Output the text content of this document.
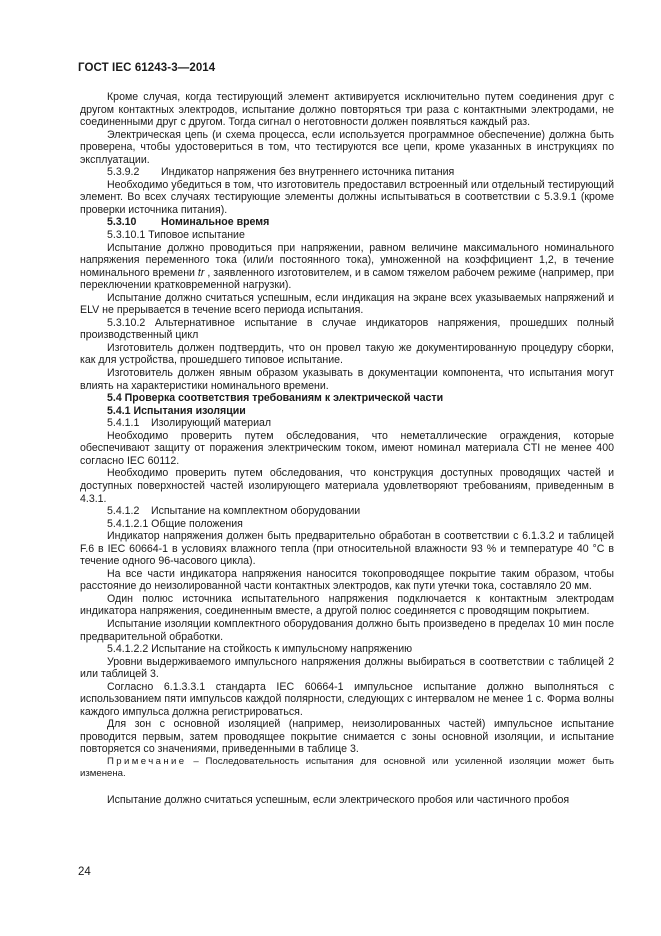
ГОСТ IEC 61243-3—2014

Кроме случая, когда тестирующий элемент активируется исключительно путем соединения друг с другом контактных электродов, испытание должно повторяться три раза с контактными электродами, не соединенными друг с другом. Тогда сигнал о неготовности должен появляться каждый раз.

Электрическая цепь (и схема процесса, если используется программное обеспечение) должна быть проверена, чтобы удостовериться в том, что тестируются все цепи, кроме указанных в инструкциях по эксплуатации.

5.3.9.2 Индикатор напряжения без внутреннего источника питания

Необходимо убедиться в том, что изготовитель предоставил встроенный или отдельный тестирующий элемент. Во всех случаях тестирующие элементы должны испытываться в соответствии с 5.3.9.1 (кроме проверки источника питания).

5.3.10 Номинальное время

5.3.10.1 Типовое испытание

Испытание должно проводиться при напряжении, равном величине максимального номинального напряжения переменного тока (или/и постоянного тока), умноженной на коэффициент 1,2, в течение номинального времени tr , заявленного изготовителем, и в самом тяжелом рабочем режиме (например, при переключении кратковременной нагрузки).

Испытание должно считаться успешным, если индикация на экране всех указываемых напряжений и ELV не прерывается в течение всего периода испытания.

5.3.10.2 Альтернативное испытание в случае индикаторов напряжения, прошедших полный производственный цикл

Изготовитель должен подтвердить, что он провел такую же документированную процедуру сборки, как для устройства, прошедшего типовое испытание.

Изготовитель должен явным образом указывать в документации компонента, что испытания могут влиять на характеристики номинального времени.

5.4 Проверка соответствия требованиям к электрической части

5.4.1 Испытания изоляции

5.4.1.1 Изолирующий материал

Необходимо проверить путем обследования, что неметаллические ограждения, которые обеспечивают защиту от поражения электрическим током, имеют номинал материала CTI не менее 400 согласно IEC 60112.

Необходимо проверить путем обследования, что конструкция доступных проводящих частей и доступных поверхностей частей изолирующего материала удовлетворяют требованиям, приведенным в 4.3.1.

5.4.1.2 Испытание на комплектном оборудовании

5.4.1.2.1 Общие положения

Индикатор напряжения должен быть предварительно обработан в соответствии с 6.1.3.2 и таблицей F.6 в IEC 60664-1 в условиях влажного тепла (при относительной влажности 93 % и температуре 40 °C в течение одного 96-часового цикла).

На все части индикатора напряжения наносится токопроводящее покрытие таким образом, чтобы расстояние до неизолированной части контактных электродов, как пути утечки тока, составляло 20 мм.

Один полюс источника испытательного напряжения подключается к контактным электродам индикатора напряжения, соединенным вместе, а другой полюс соединяется с проводящим покрытием.

Испытание изоляции комплектного оборудования должно быть произведено в пределах 10 мин после предварительной обработки.

5.4.1.2.2 Испытание на стойкость к импульсному напряжению

Уровни выдерживаемого импульсного напряжения должны выбираться в соответствии с таблицей 2 или таблицей 3.

Согласно 6.1.3.3.1 стандарта IEC 60664-1 импульсное испытание должно выполняться с использованием пяти импульсов каждой полярности, следующих с интервалом не менее 1 с. Форма волны каждого импульса должна регистрироваться.

Для зон с основной изоляцией (например, неизолированных частей) импульсное испытание проводится первым, затем проводящее покрытие снимается с зоны основной изоляции, и испытание повторяется со значениями, приведенными в таблице 3.

Примечание – Последовательность испытания для основной или усиленной изоляции может быть изменена.

Испытание должно считаться успешным, если электрического пробоя или частичного пробоя

24
